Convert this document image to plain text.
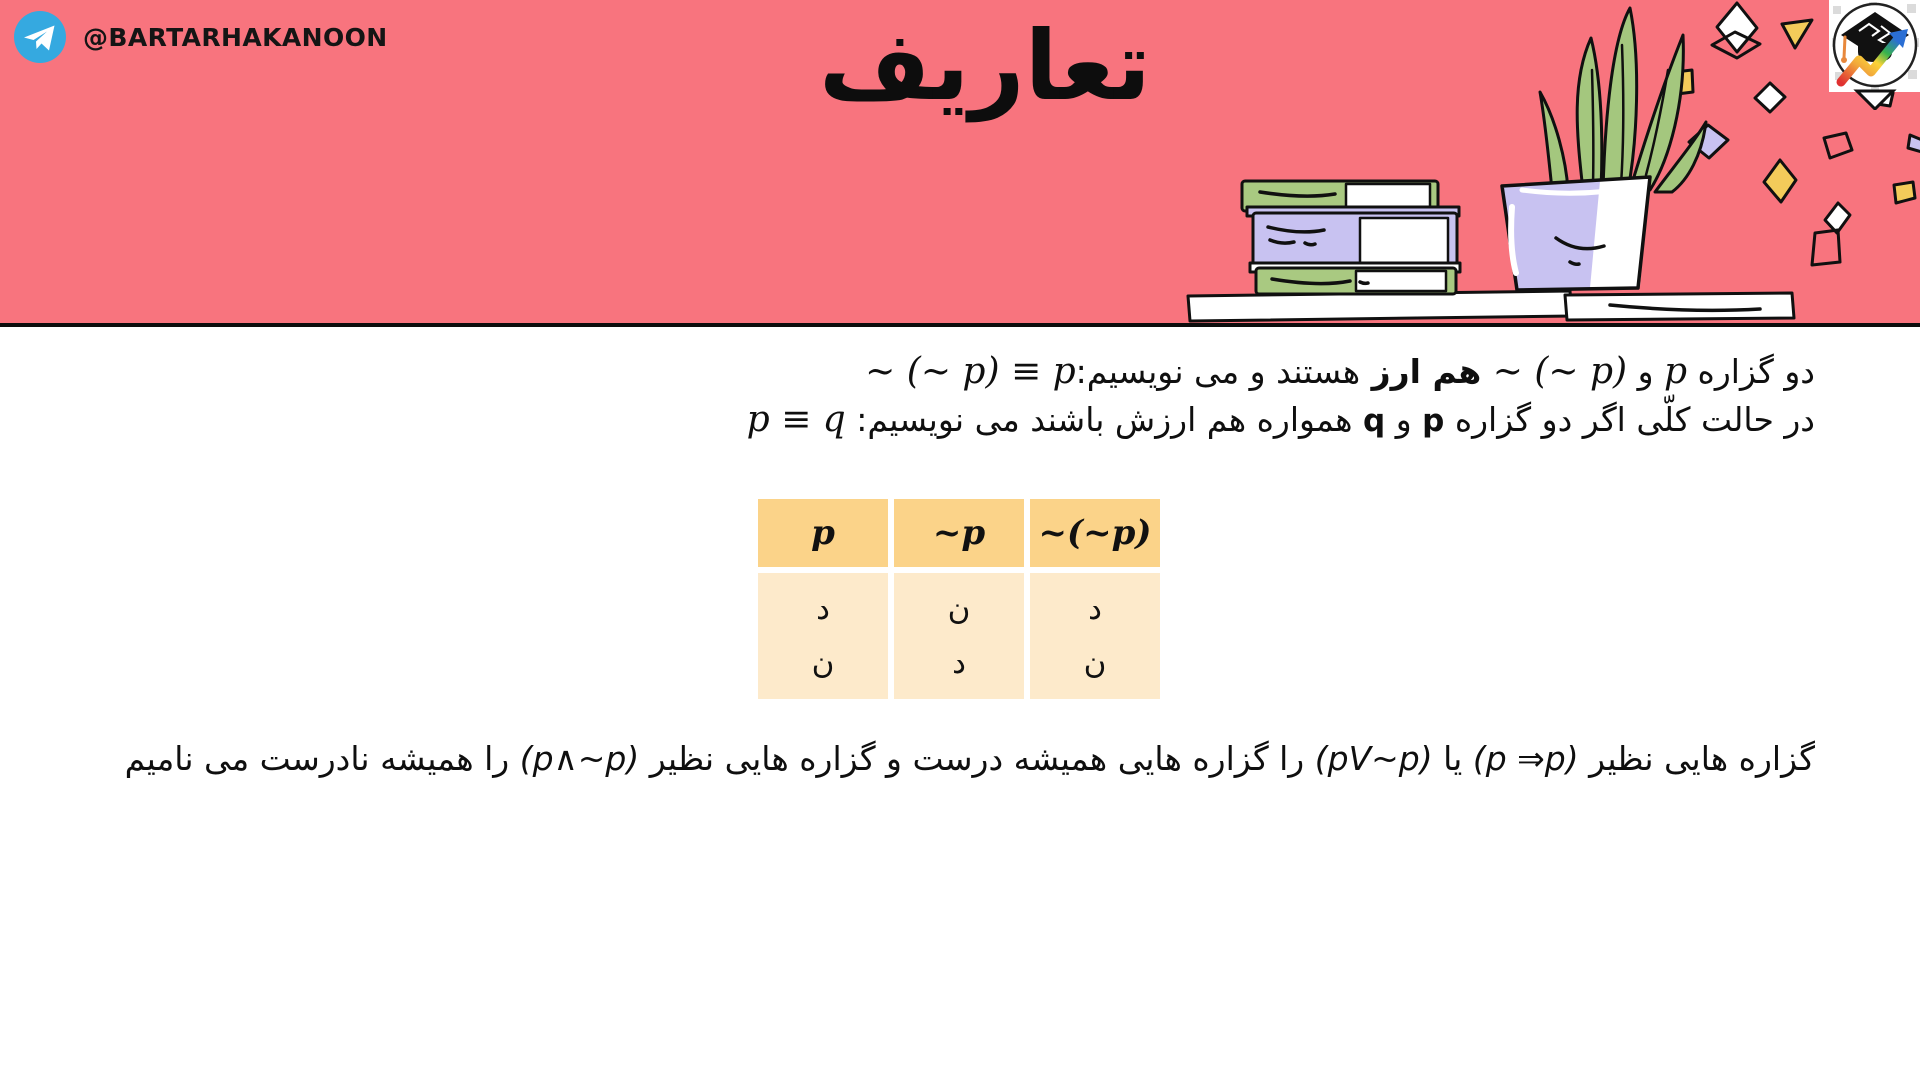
@BARTARHAKANOON	تعاریف
دو گزاره p و ~ (~ p) هم ارز هستند و می نویسیم:~ (~ p) ≡ p
در حالت کلّی اگر دو گزاره p و q همواره هم ارزش باشند می نویسیم: p ≡ q
p
د
ن
~p
ن
د
~(~p)
د
ن
گزاره هایی نظیر (p ⇒p) یا (pV~p) را گزاره هایی همیشه درست و گزاره هایی نظیر (p∧~p) را همیشه نادرست می نامیم
